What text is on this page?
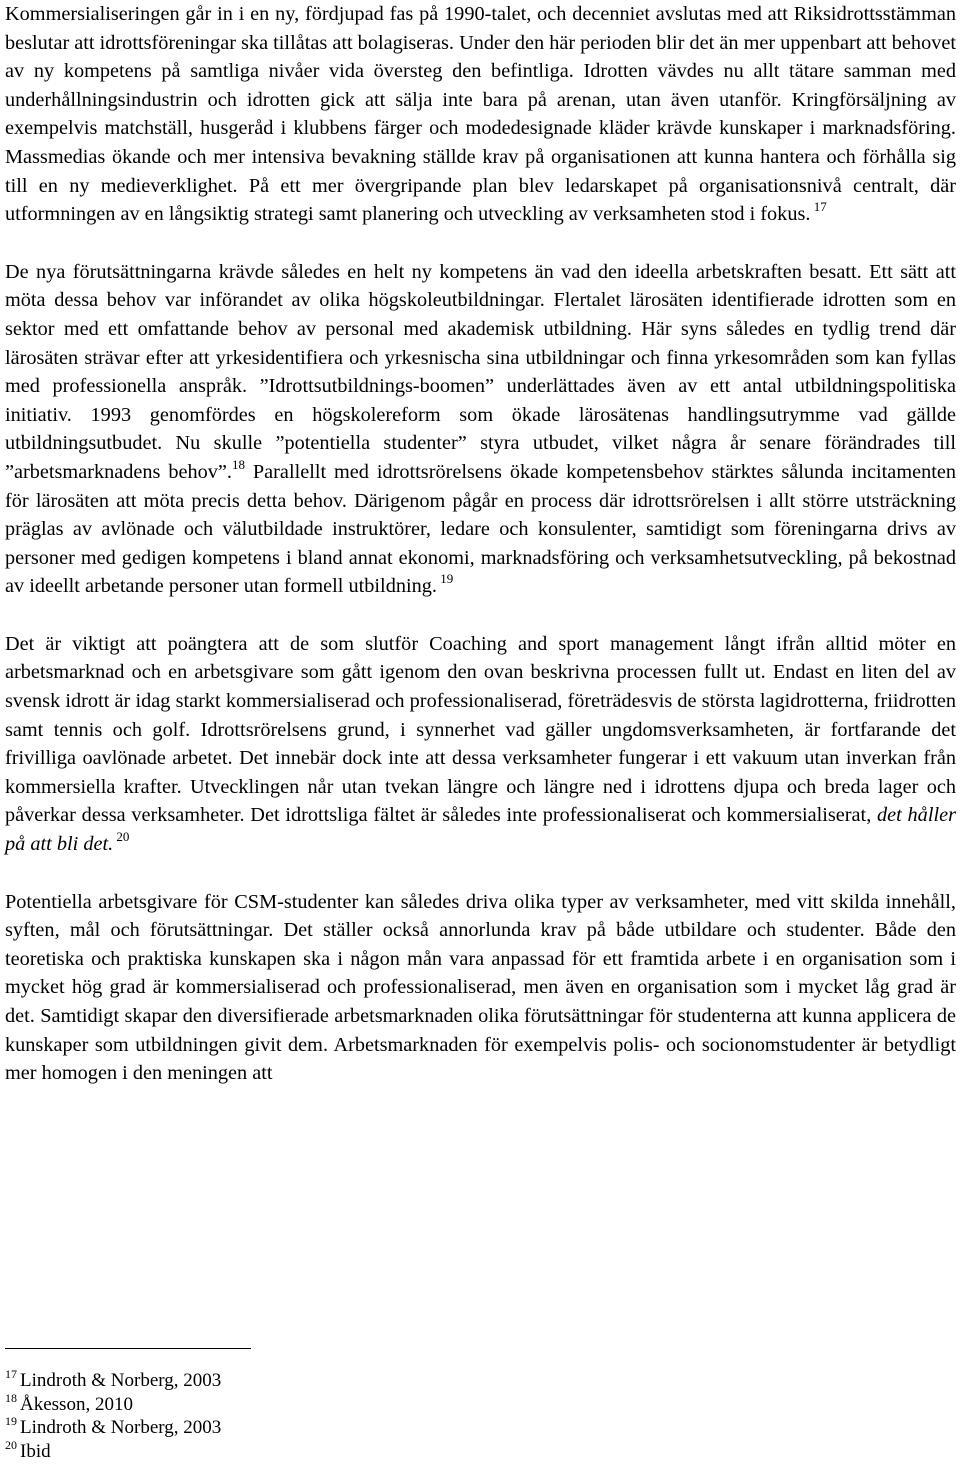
Kommersialiseringen går in i en ny, fördjupad fas på 1990-talet, och decenniet avslutas med att Riksidrottsstämman beslutar att idrottsföreningar ska tillåtas att bolagiseras. Under den här perioden blir det än mer uppenbart att behovet av ny kompetens på samtliga nivåer vida översteg den befintliga. Idrotten vävdes nu allt tätare samman med underhållningsindustrin och idrotten gick att sälja inte bara på arenan, utan även utanför. Kringförsäljning av exempelvis matchställ, husgeråd i klubbens färger och modedesignade kläder krävde kunskaper i marknadsföring. Massmedias ökande och mer intensiva bevakning ställde krav på organisationen att kunna hantera och förhålla sig till en ny medieverklighet. På ett mer övergripande plan blev ledarskapet på organisationsnivå centralt, där utformningen av en långsiktig strategi samt planering och utveckling av verksamheten stod i fokus. $^{17}$

De nya förutsättningarna krävde således en helt ny kompetens än vad den ideella arbetskraften besatt. Ett sätt att möta dessa behov var införandet av olika högskoleutbildningar. Flertalet lärosäten identifierade idrotten som en sektor med ett omfattande behov av personal med akademisk utbildning. Här syns således en tydlig trend där lärosäten strävar efter att yrkesidentifiera och yrkesnischa sina utbildningar och finna yrkesområden som kan fyllas med professionella anspråk. ”Idrottsutbildnings-boomen” underlättades även av ett antal utbildningspolitiska initiativ. 1993 genomfördes en högskolereform som ökade lärosätenas handlingsutrymme vad gällde utbildningsutbudet. Nu skulle ”potentiella studenter” styra utbudet, vilket några år senare förändrades till ”arbetsmarknadens behov”.$^{18}$ Parallellt med idrottsrörelsens ökade kompetensbehov stärktes sålunda incitamenten för lärosäten att möta precis detta behov. Därigenom pågår en process där idrottsrörelsen i allt större utsträckning präglas av avlönade och välutbildade instruktörer, ledare och konsulenter, samtidigt som föreningarna drivs av personer med gedigen kompetens i bland annat ekonomi, marknadsföring och verksamhetsutveckling, på bekostnad av ideellt arbetande personer utan formell utbildning. $^{19}$

Det är viktigt att poängtera att de som slutför Coaching and sport management långt ifrån alltid möter en arbetsmarknad och en arbetsgivare som gått igenom den ovan beskrivna processen fullt ut. Endast en liten del av svensk idrott är idag starkt kommersialiserad och professionaliserad, företrädesvis de största lagidrotterna, friidrotten samt tennis och golf. Idrottsrörelsens grund, i synnerhet vad gäller ungdomsverksamheten, är fortfarande det frivilliga oavlönade arbetet. Det innebär dock inte att dessa verksamheter fungerar i ett vakuum utan inverkan från kommersiella krafter. Utvecklingen når utan tvekan längre och längre ned i idrottens djupa och breda lager och påverkar dessa verksamheter. Det idrottsliga fältet är således inte professionaliserat och kommersialiserat, det håller på att bli det. $^{20}$

Potentiella arbetsgivare för CSM-studenter kan således driva olika typer av verksamheter, med vitt skilda innehåll, syften, mål och förutsättningar. Det ställer också annorlunda krav på både utbildare och studenter. Både den teoretiska och praktiska kunskapen ska i någon mån vara anpassad för ett framtida arbete i en organisation som i mycket hög grad är kommersialiserad och professionaliserad, men även en organisation som i mycket låg grad är det. Samtidigt skapar den diversifierade arbetsmarknaden olika förutsättningar för studenterna att kunna applicera de kunskaper som utbildningen givit dem. Arbetsmarknaden för exempelvis polis- och socionomstudenter är betydligt mer homogen i den meningen att

$^{17}$ Lindroth & Norberg, 2003
$^{18}$ Åkesson, 2010
$^{19}$ Lindroth & Norberg, 2003
$^{20}$ Ibid
